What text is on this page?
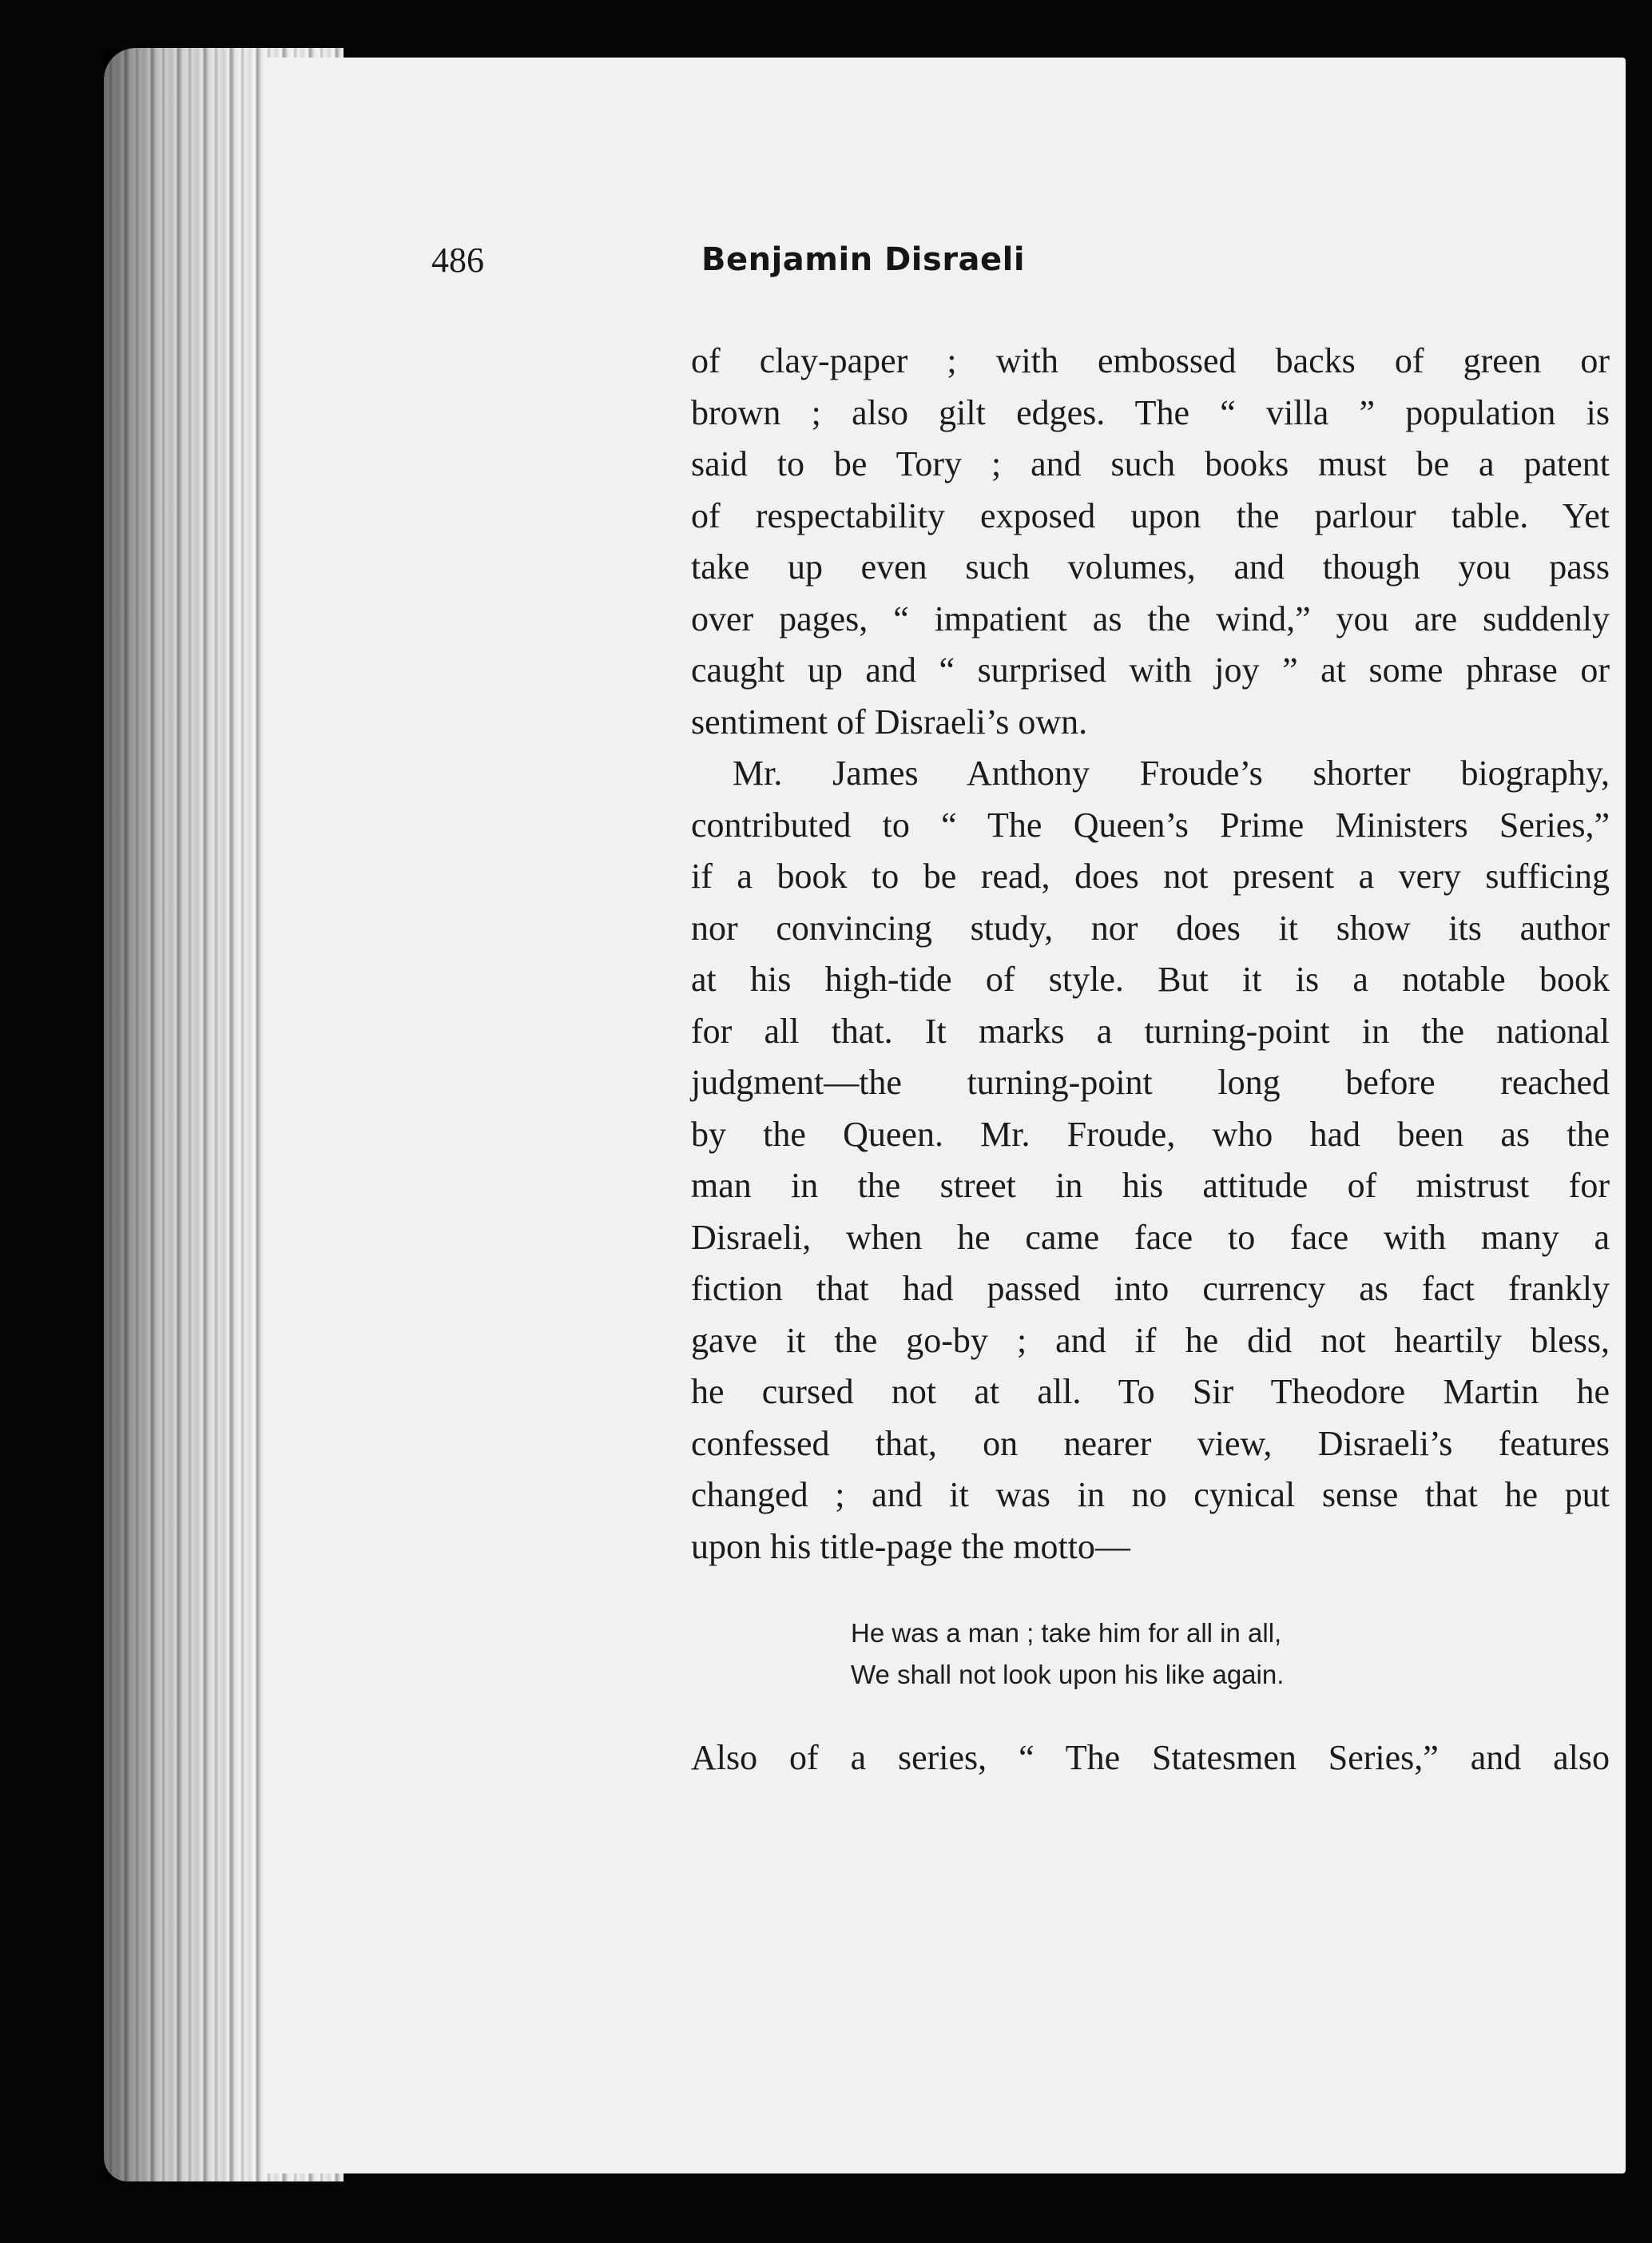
486	Benjamin Disraeli
of clay-paper ; with embossed backs of green or
brown ; also gilt edges. The “ villa ” population is
said to be Tory ; and such books must be a patent
of respectability exposed upon the parlour table. Yet
take up even such volumes, and though you pass
over pages, “ impatient as the wind,” you are suddenly
caught up and “ surprised with joy ” at some phrase or
sentiment of Disraeli’s own.
Mr. James Anthony Froude’s shorter biography,
contributed to “ The Queen’s Prime Ministers Series,”
if a book to be read, does not present a very sufficing
nor convincing study, nor does it show its author
at his high-tide of style. But it is a notable book
for all that. It marks a turning-point in the national
judgment—the turning-point long before reached
by the Queen. Mr. Froude, who had been as the
man in the street in his attitude of mistrust for
Disraeli, when he came face to face with many a
fiction that had passed into currency as fact frankly
gave it the go-by ; and if he did not heartily bless,
he cursed not at all. To Sir Theodore Martin he
confessed that, on nearer view, Disraeli’s features
changed ; and it was in no cynical sense that he put
upon his title-page the motto—
He was a man ; take him for all in all,
We shall not look upon his like again.
Also of a series, “ The Statesmen Series,” and also
